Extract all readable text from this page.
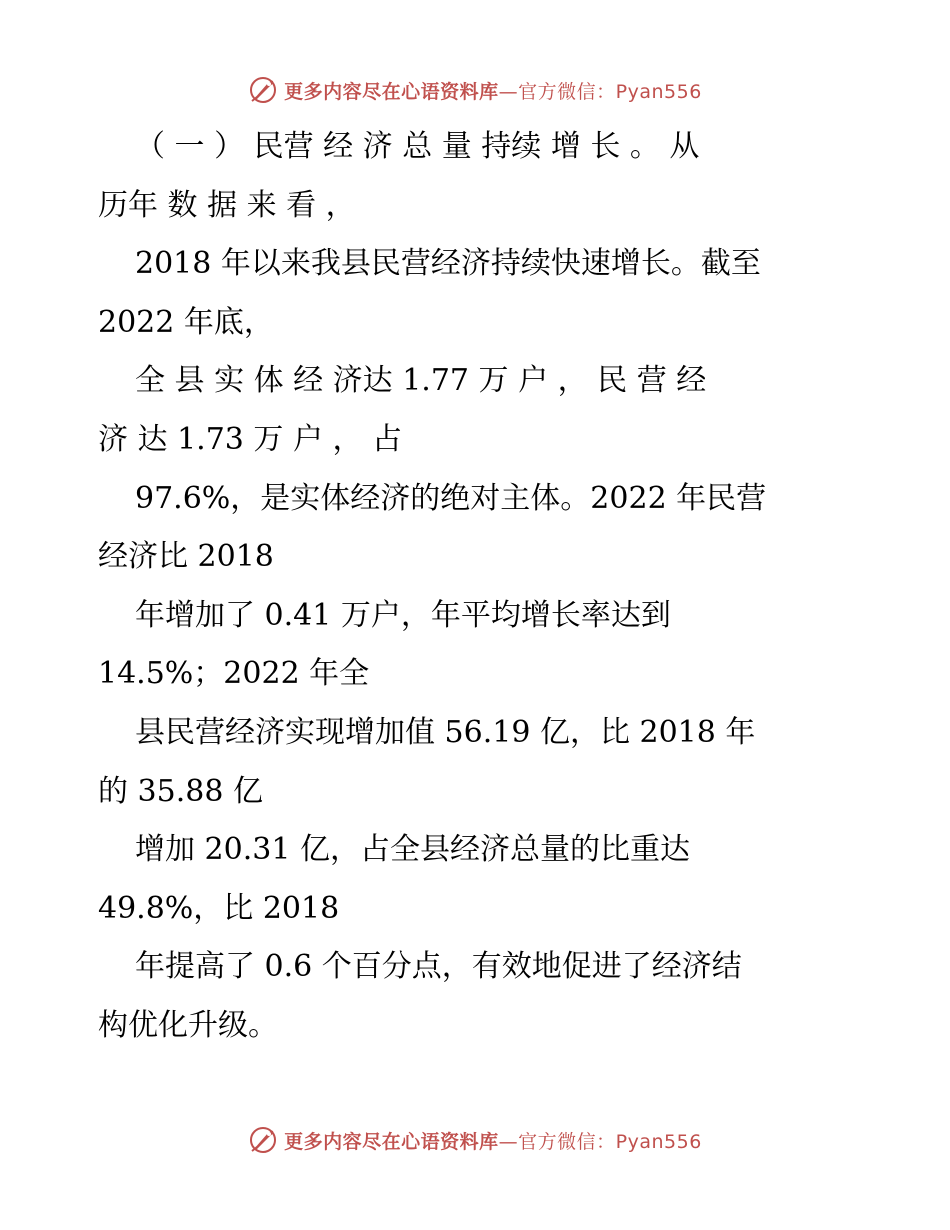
更多内容尽在心语资料库—官方微信：Pyan556
（ 一 ） 民营 经 济 总 量 持续 增 长 。 从
历年 数 据 来 看 ，
2018 年以来我县民营经济持续快速增长。截至
2022 年底，
全 县 实 体 经 济达 1.77 万 户 ， 民 营 经
济 达 1.73 万 户 ， 占
97.6%，是实体经济的绝对主体。2022 年民营
经济比 2018
年增加了 0.41 万户，年平均增长率达到
14.5%；2022 年全
县民营经济实现增加值 56.19 亿，比 2018 年
的 35.88 亿
增加 20.31 亿，占全县经济总量的比重达
49.8%，比 2018
年提高了 0.6 个百分点，有效地促进了经济结
构优化升级。
更多内容尽在心语资料库—官方微信：Pyan556
